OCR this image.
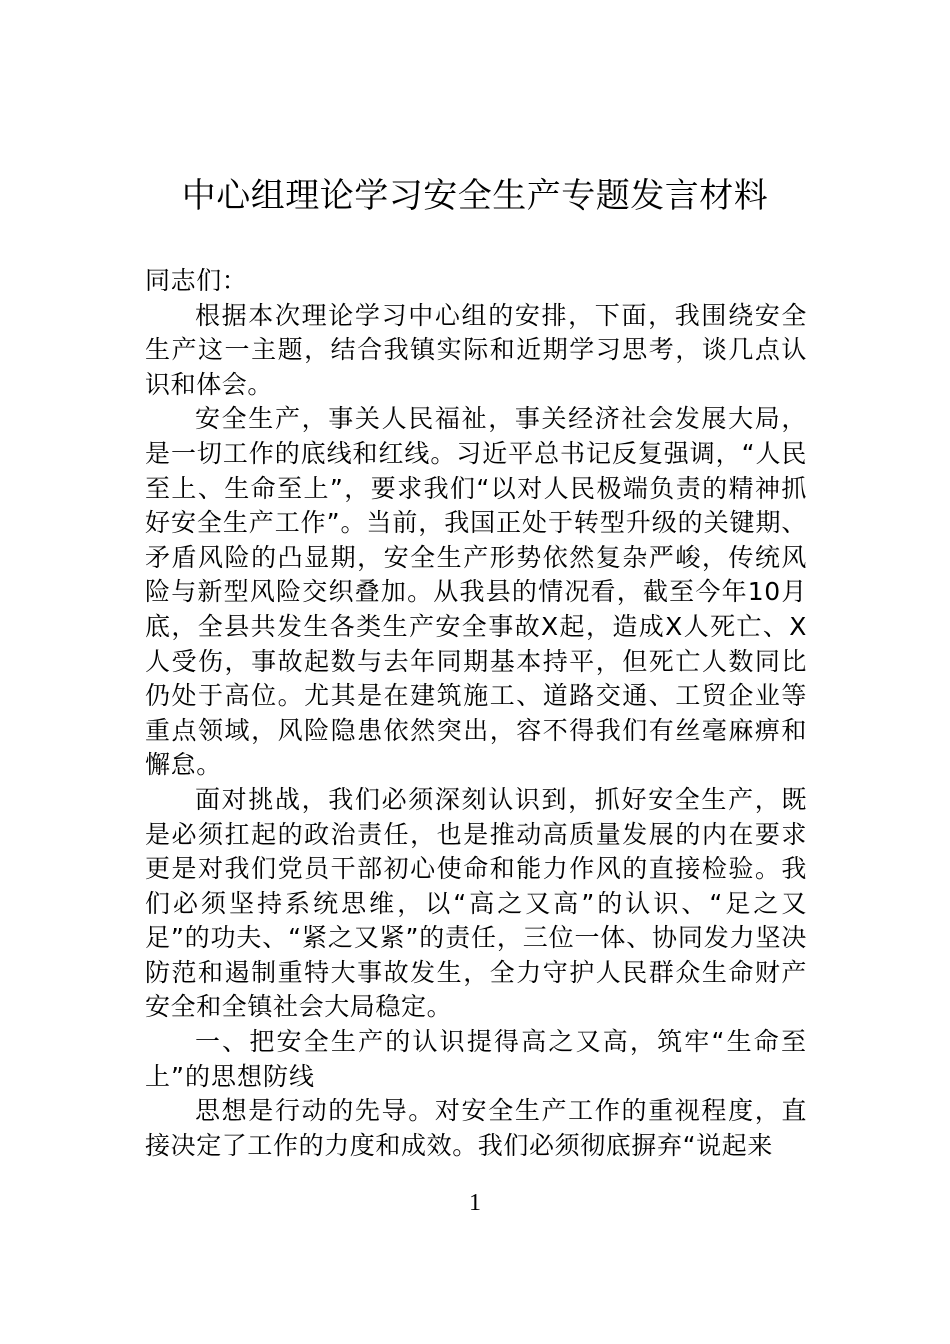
中心组理论学习安全生产专题发言材料

同志们：

根据本次理论学习中心组的安排，下面，我围绕安全生产这一主题，结合我镇实际和近期学习思考，谈几点认识和体会。

安全生产，事关人民福祉，事关经济社会发展大局，是一切工作的底线和红线。习近平总书记反复强调，“人民至上、生命至上”，要求我们“以对人民极端负责的精神抓好安全生产工作”。当前，我国正处于转型升级的关键期、矛盾风险的凸显期，安全生产形势依然复杂严峻，传统风险与新型风险交织叠加。从我县的情况看，截至今年10月底，全县共发生各类生产安全事故X起，造成X人死亡、X人受伤，事故起数与去年同期基本持平，但死亡人数同比仍处于高位。尤其是在建筑施工、道路交通、工贸企业等重点领域，风险隐患依然突出，容不得我们有丝毫麻痹和懈怠。

面对挑战，我们必须深刻认识到，抓好安全生产，既是必须扛起的政治责任，也是推动高质量发展的内在要求更是对我们党员干部初心使命和能力作风的直接检验。我们必须坚持系统思维，以“高之又高”的认识、“足之又足”的功夫、“紧之又紧”的责任，三位一体、协同发力坚决防范和遏制重特大事故发生，全力守护人民群众生命财产安全和全镇社会大局稳定。

一、把安全生产的认识提得高之又高，筑牢“生命至上”的思想防线

思想是行动的先导。对安全生产工作的重视程度，直接决定了工作的力度和成效。我们必须彻底摒弃“说起来

1
